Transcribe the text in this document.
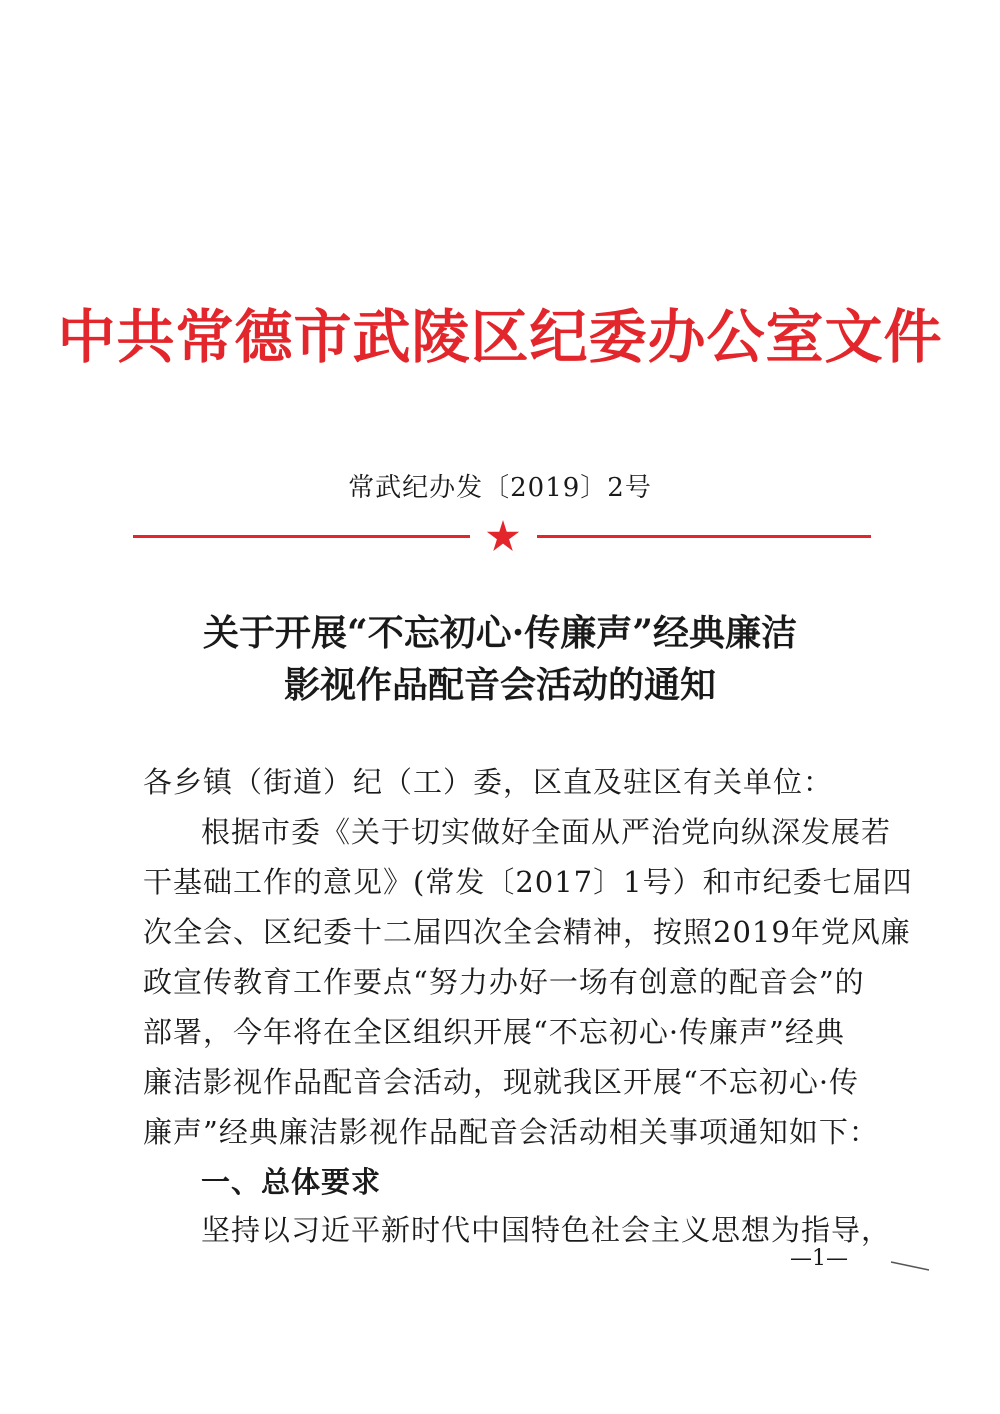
中共常德市武陵区纪委办公室文件
常武纪办发〔2019〕2号
关于开展“不忘初心·传廉声”经典廉洁
影视作品配音会活动的通知
各乡镇（街道）纪（工）委，区直及驻区有关单位：
根据市委《关于切实做好全面从严治党向纵深发展若
干基础工作的意见》(常发〔2017〕1号）和市纪委七届四
次全会、区纪委十二届四次全会精神，按照2019年党风廉
政宣传教育工作要点“努力办好一场有创意的配音会”的
部署，今年将在全区组织开展“不忘初心·传廉声”经典
廉洁影视作品配音会活动，现就我区开展“不忘初心·传
廉声”经典廉洁影视作品配音会活动相关事项通知如下：
一、总体要求
坚持以习近平新时代中国特色社会主义思想为指导，
—1—
